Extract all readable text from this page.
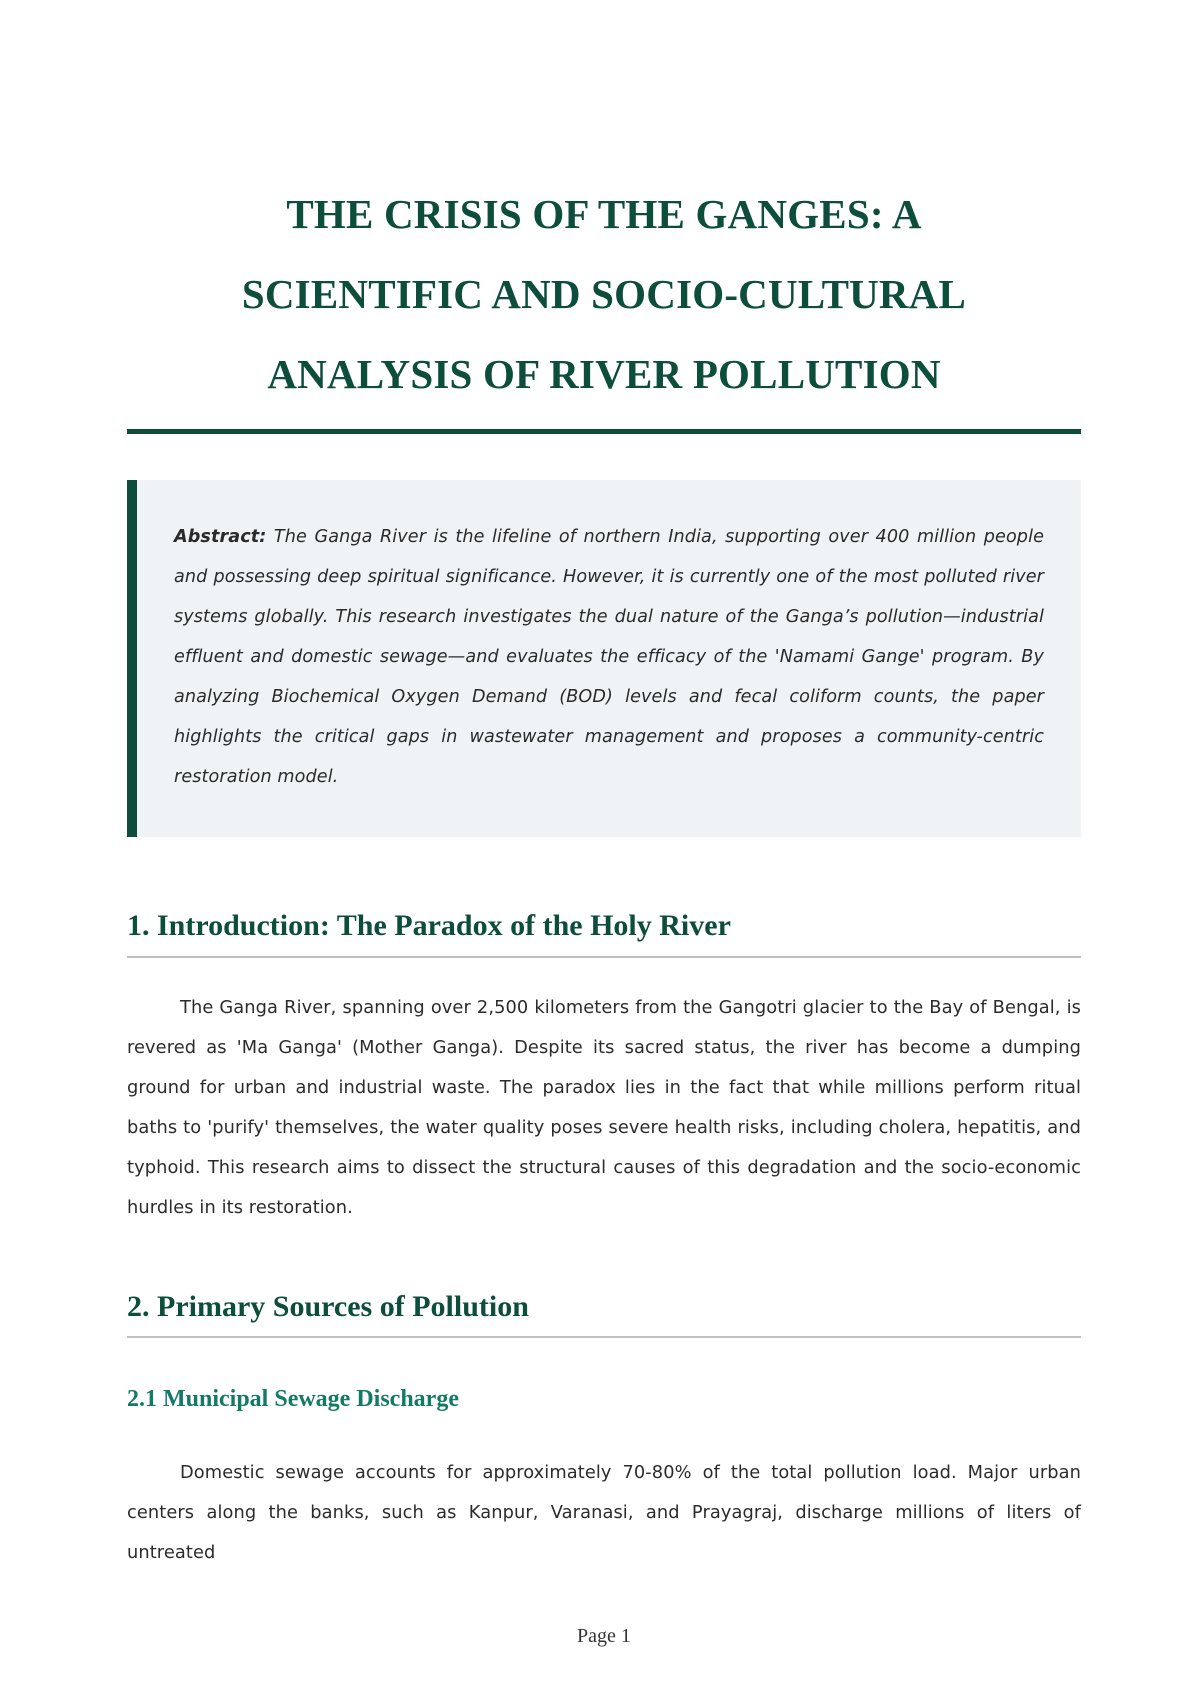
THE CRISIS OF THE GANGES: A
SCIENTIFIC AND SOCIO-CULTURAL
ANALYSIS OF RIVER POLLUTION
Abstract: The Ganga River is the lifeline of northern India, supporting over 400 million people and possessing deep spiritual significance. However, it is currently one of the most polluted river systems globally. This research investigates the dual nature of the Ganga’s pollution—industrial effluent and domestic sewage—and evaluates the efficacy of the 'Namami Gange' program. By analyzing Biochemical Oxygen Demand (BOD) levels and fecal coliform counts, the paper highlights the critical gaps in wastewater management and proposes a community-centric restoration model.
1. Introduction: The Paradox of the Holy River
The Ganga River, spanning over 2,500 kilometers from the Gangotri glacier to the Bay of Bengal, is revered as 'Ma Ganga' (Mother Ganga). Despite its sacred status, the river has become a dumping ground for urban and industrial waste. The paradox lies in the fact that while millions perform ritual baths to 'purify' themselves, the water quality poses severe health risks, including cholera, hepatitis, and typhoid. This research aims to dissect the structural causes of this degradation and the socio-economic hurdles in its restoration.
2. Primary Sources of Pollution
2.1 Municipal Sewage Discharge
Domestic sewage accounts for approximately 70-80% of the total pollution load. Major urban centers along the banks, such as Kanpur, Varanasi, and Prayagraj, discharge millions of liters of untreated
Page 1
